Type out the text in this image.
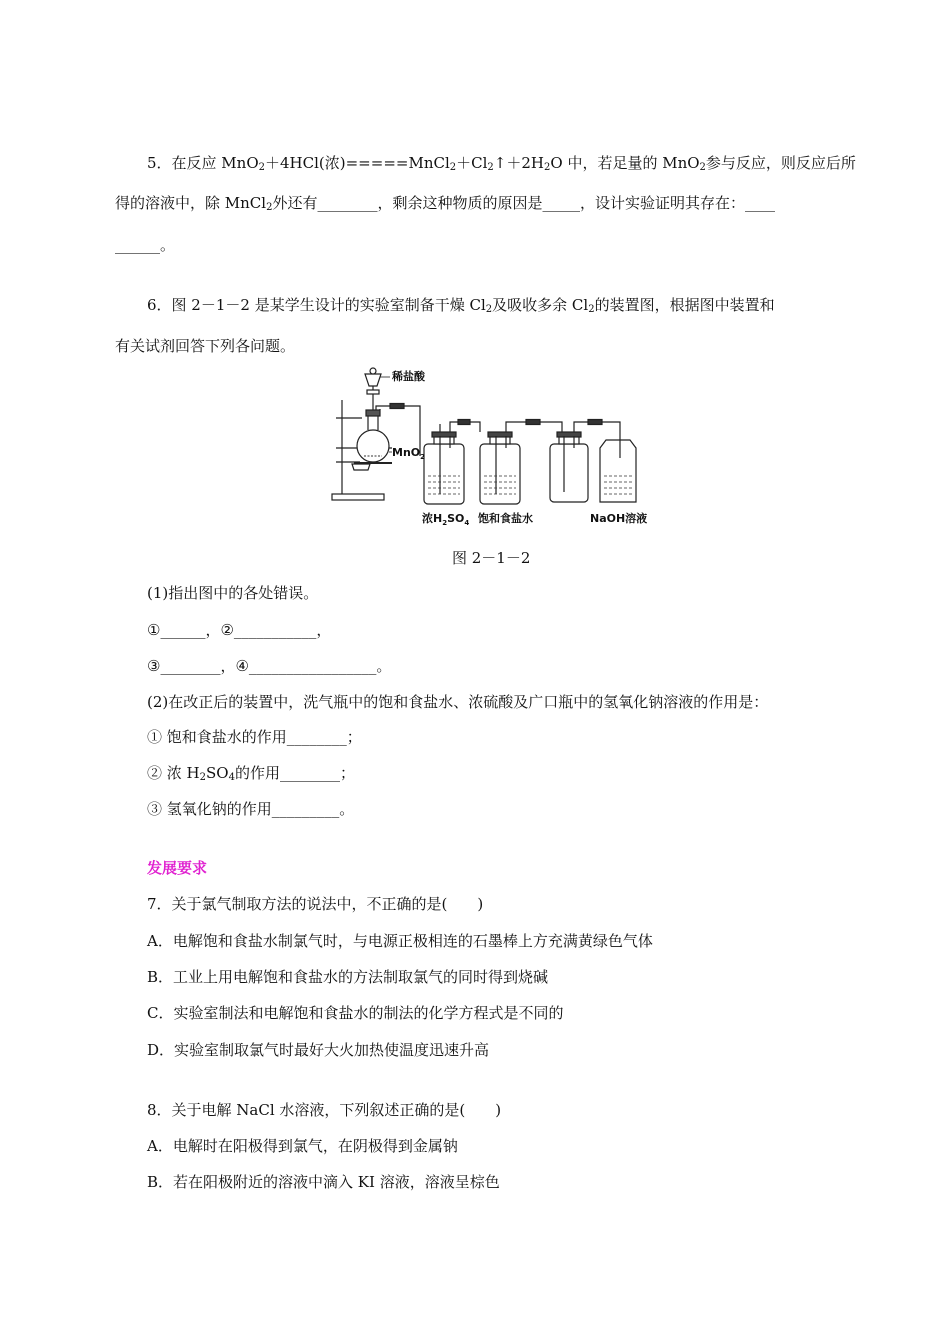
5．在反应 MnO$_2$＋4HCl(浓)$=====MnCl_2+Cl_2↑+2H_2O$ 中，若足量的 MnO$_2$参与反应，则反应后所
得的溶液中，除 MnCl$_2$外还有________，剩余这种物质的原因是_____，设计实验证明其存在：____
______。
6．图 2－1－2 是某学生设计的实验室制备干燥 $Cl_2$及吸收多余 $Cl_2$的装置图，根据图中装置和
有关试剂回答下列各问题。
稀盐酸
MnO$_2$
浓$H_2SO_4$ 饱和食盐水	NaOH溶液
图 2－1－2
(1)指出图中的各处错误。
①______，②___________，
③________，④_________________。
(2)在改正后的装置中，洗气瓶中的饱和食盐水、浓硫酸及广口瓶中的氢氧化钠溶液的作用是：
① 饱和食盐水的作用________；
② 浓 $H_2SO_4$的作用________；
③ 氢氧化钠的作用_________。
发展要求
7．关于氯气制取方法的说法中，不正确的是(　　)
A．电解饱和食盐水制氯气时，与电源正极相连的石墨棒上方充满黄绿色气体
B．工业上用电解饱和食盐水的方法制取氯气的同时得到烧碱
C．实验室制法和电解饱和食盐水的制法的化学方程式是不同的
D．实验室制取氯气时最好大火加热使温度迅速升高
8．关于电解 NaCl 水溶液，下列叙述正确的是(　　)
A．电解时在阳极得到氯气，在阴极得到金属钠
B．若在阳极附近的溶液中滴入 KI 溶液，溶液呈棕色
